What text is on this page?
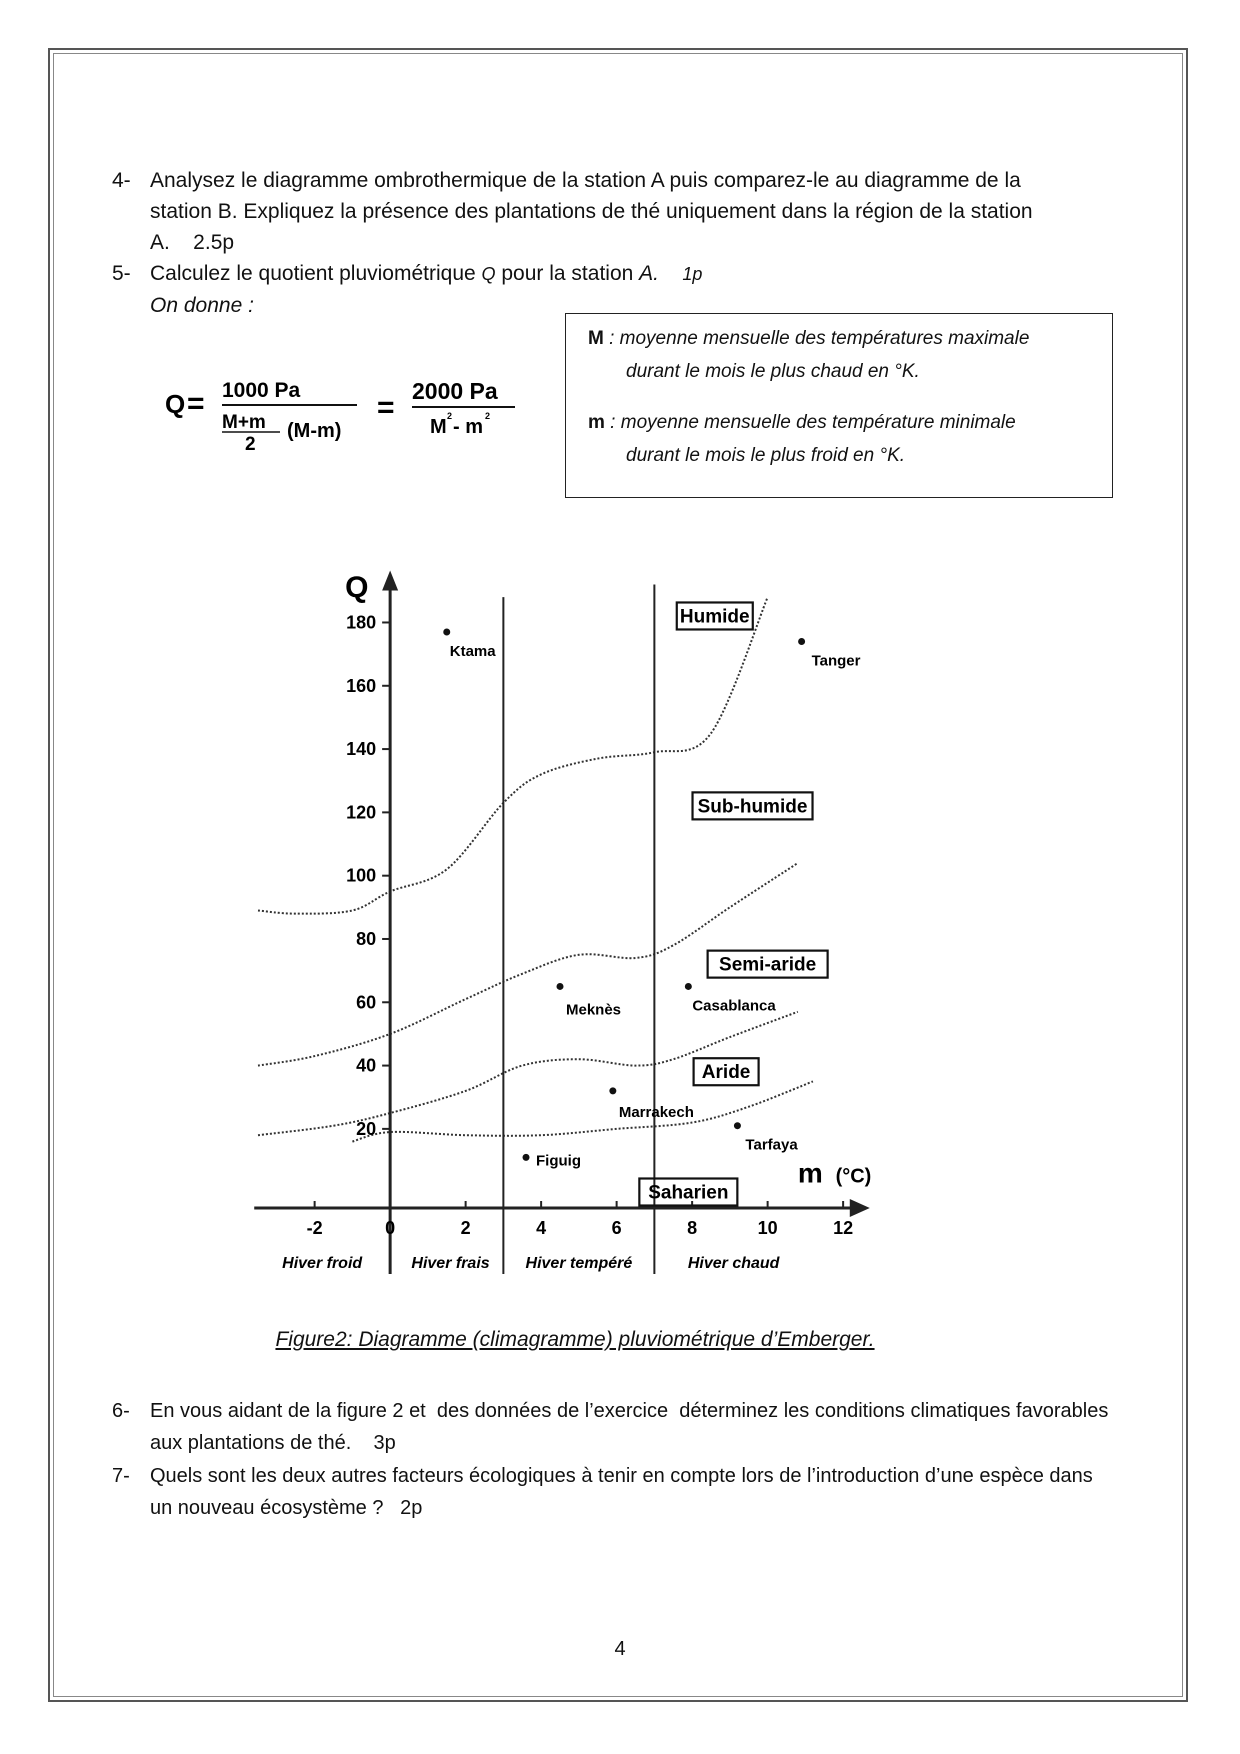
4- Analysez le diagramme ombrothermique de la station A puis comparez-le au diagramme de la
station B. Expliquez la présence des plantations de thé uniquement dans la région de la station
A.    2.5p
5- Calculez le quotient pluviométrique Q pour la station A. 1p
On donne :
Q = 1000 Pa
M+m
2
(M-m)
= 2000 Pa
M 2 - m 2
M : moyenne mensuelle des températures maximale
durant le mois le plus chaud en °K.
m : moyenne mensuelle des température minimale
durant le mois le plus froid en °K.
-2	0	2	4	6	8	10	12
20
40
60
80
100
120
140
160
180
Ktama
Tanger
Meknès	Casablanca
Marrakech
Tarfaya
Figuig
Humide
Sub-humide
Semi-aride
Aride
Saharien
Hiver froid	Hiver frais Hiver tempéré	Hiver chaud
Q
m (°C)
Figure2: Diagramme (climagramme) pluviométrique d’Emberger.
6-	En vous aidant de la figure 2 et  des données de l’exercice  déterminez les conditions climatiques favorables
aux plantations de thé.    3p
7-	Quels sont les deux autres facteurs écologiques à tenir en compte lors de l’introduction d’une espèce dans
un nouveau écosystème ?   2p
4
